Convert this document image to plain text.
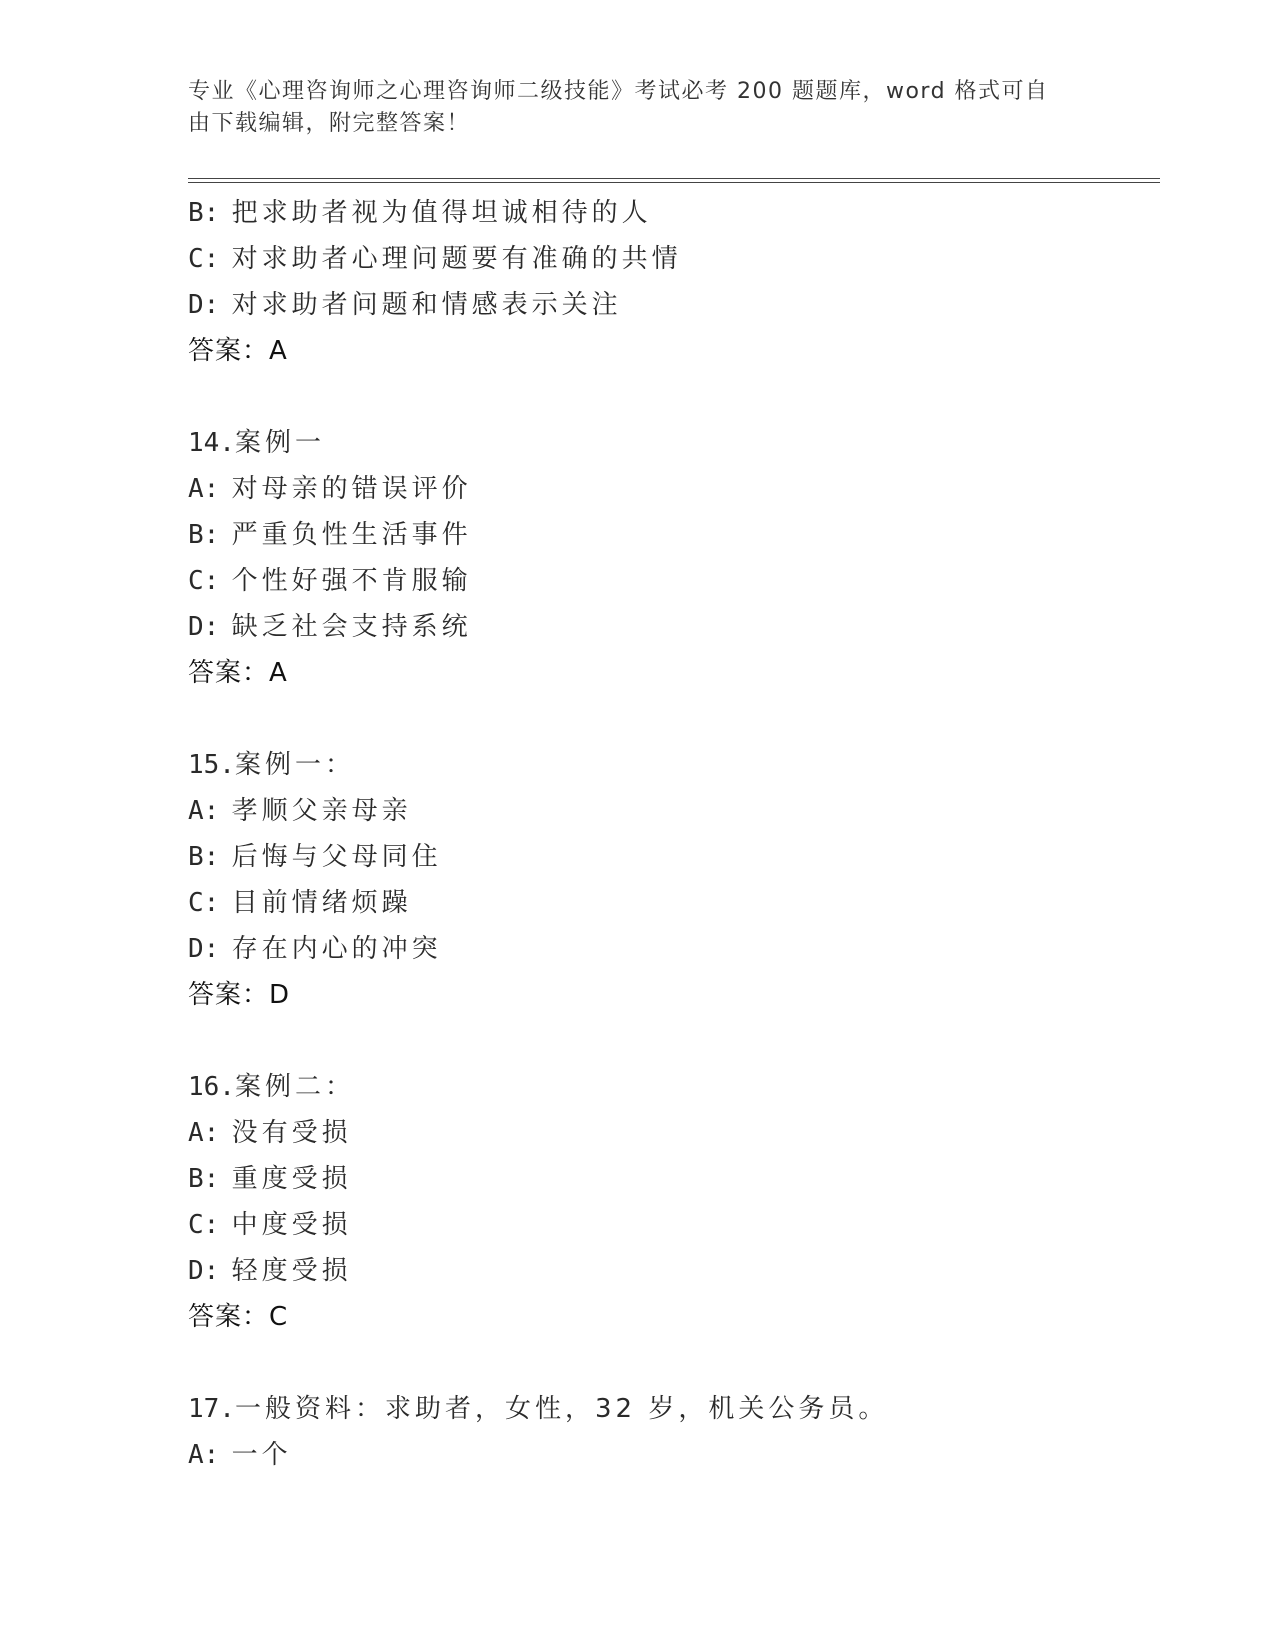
专业《心理咨询师之心理咨询师二级技能》考试必考 200 题题库，word 格式可自
由下载编辑，附完整答案！
B: 把求助者视为值得坦诚相待的人
C: 对求助者心理问题要有准确的共情
D: 对求助者问题和情感表示关注
答案：A
14.案例一
A: 对母亲的错误评价
B: 严重负性生活事件
C: 个性好强不肯服输
D: 缺乏社会支持系统
答案：A
15.案例一：
A: 孝顺父亲母亲
B: 后悔与父母同住
C: 目前情绪烦躁
D: 存在内心的冲突
答案：D
16.案例二：
A: 没有受损
B: 重度受损
C: 中度受损
D: 轻度受损
答案：C
17.一般资料：求助者，女性，32 岁，机关公务员。
A: 一个
